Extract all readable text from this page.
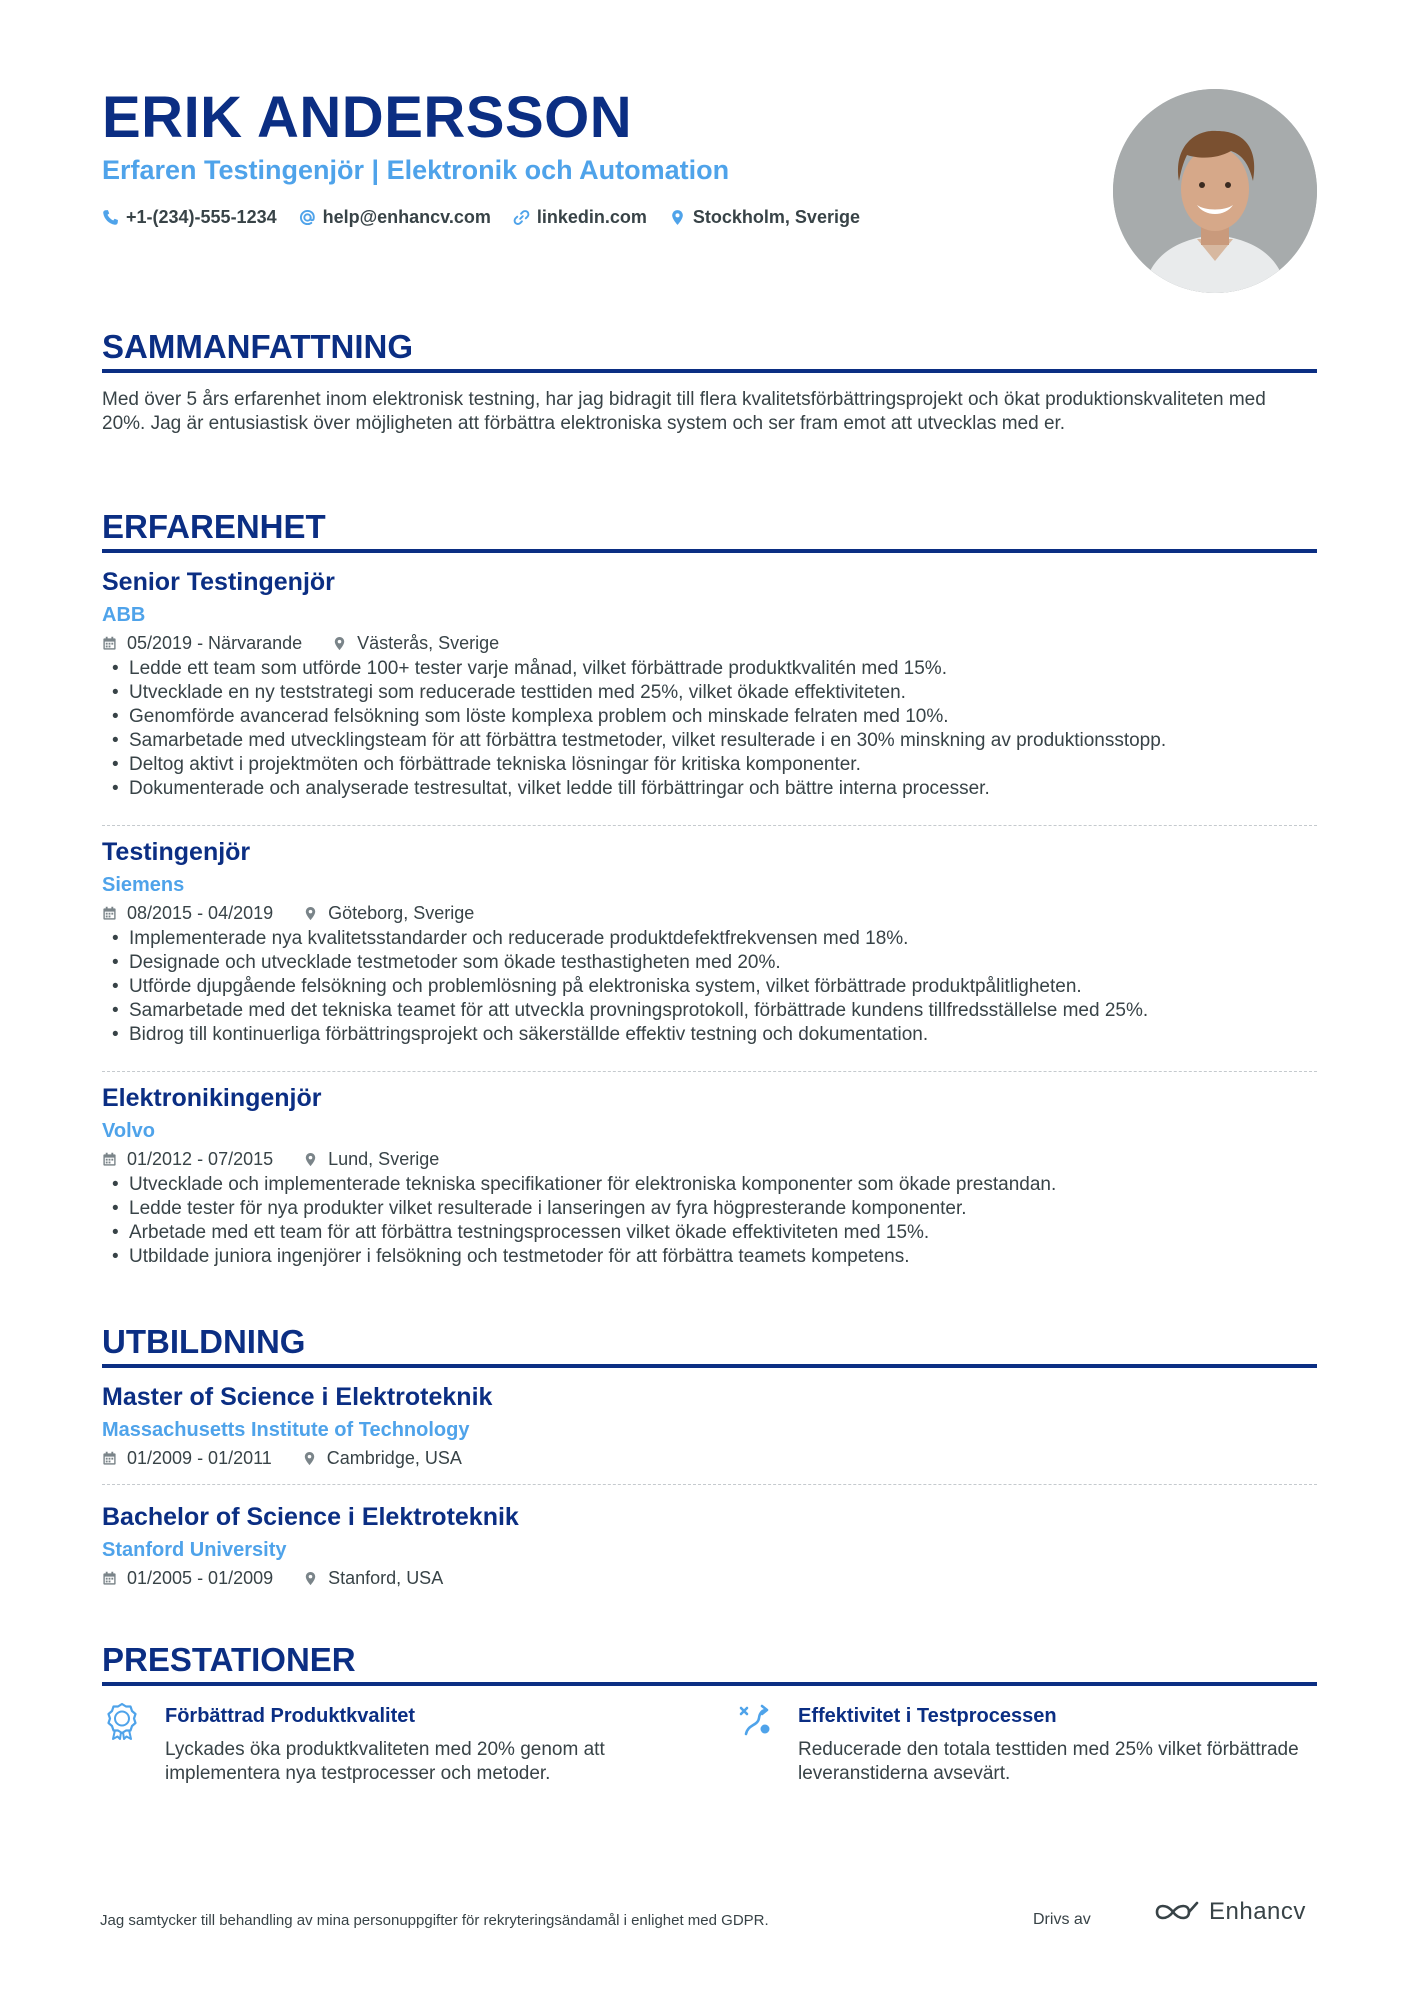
ERIK ANDERSSON
Erfaren Testingenjör | Elektronik och Automation
+1-(234)-555-1234	help@enhancv.com	linkedin.com	Stockholm, Sverige
SAMMANFATTNING

Med över 5 års erfarenhet inom elektronisk testning, har jag bidragit till flera kvalitetsförbättringsprojekt och ökat produktionskvaliteten med 20%. Jag är entusiastisk över möjligheten att förbättra elektroniska system och ser fram emot att utvecklas med er.

ERFARENHET
Senior Testingenjör
ABB
05/2019 - Närvarande	Västerås, Sverige
• Ledde ett team som utförde 100+ tester varje månad, vilket förbättrade produktkvalitén med 15%.
• Utvecklade en ny teststrategi som reducerade testtiden med 25%, vilket ökade effektiviteten.
• Genomförde avancerad felsökning som löste komplexa problem och minskade felraten med 10%.
• Samarbetade med utvecklingsteam för att förbättra testmetoder, vilket resulterade i en 30% minskning av produktionsstopp.
• Deltog aktivt i projektmöten och förbättrade tekniska lösningar för kritiska komponenter.
• Dokumenterade och analyserade testresultat, vilket ledde till förbättringar och bättre interna processer.
Testingenjör
Siemens
08/2015 - 04/2019	Göteborg, Sverige
• Implementerade nya kvalitetsstandarder och reducerade produktdefektfrekvensen med 18%.
• Designade och utvecklade testmetoder som ökade testhastigheten med 20%.
• Utförde djupgående felsökning och problemlösning på elektroniska system, vilket förbättrade produktpålitligheten.
• Samarbetade med det tekniska teamet för att utveckla provningsprotokoll, förbättrade kundens tillfredsställelse med 25%.
• Bidrog till kontinuerliga förbättringsprojekt och säkerställde effektiv testning och dokumentation.
Elektronikingenjör
Volvo
01/2012 - 07/2015	Lund, Sverige
• Utvecklade och implementerade tekniska specifikationer för elektroniska komponenter som ökade prestandan.
• Ledde tester för nya produkter vilket resulterade i lanseringen av fyra högpresterande komponenter.
• Arbetade med ett team för att förbättra testningsprocessen vilket ökade effektiviteten med 15%.
• Utbildade juniora ingenjörer i felsökning och testmetoder för att förbättra teamets kompetens.
UTBILDNING
Master of Science i Elektroteknik
Massachusetts Institute of Technology
01/2009 - 01/2011	Cambridge, USA
Bachelor of Science i Elektroteknik
Stanford University
01/2005 - 01/2009	Stanford, USA
PRESTATIONER
Förbättrad Produktkvalitet

Lyckades öka produktkvaliteten med 20% genom att implementera nya testprocesser och metoder.

Effektivitet i Testprocessen

Reducerade den totala testtiden med 25% vilket förbättrade leveranstiderna avsevärt.

Jag samtycker till behandling av mina personuppgifter för rekryteringsändamål i enlighet med GDPR.	Drivs av	Enhancv
